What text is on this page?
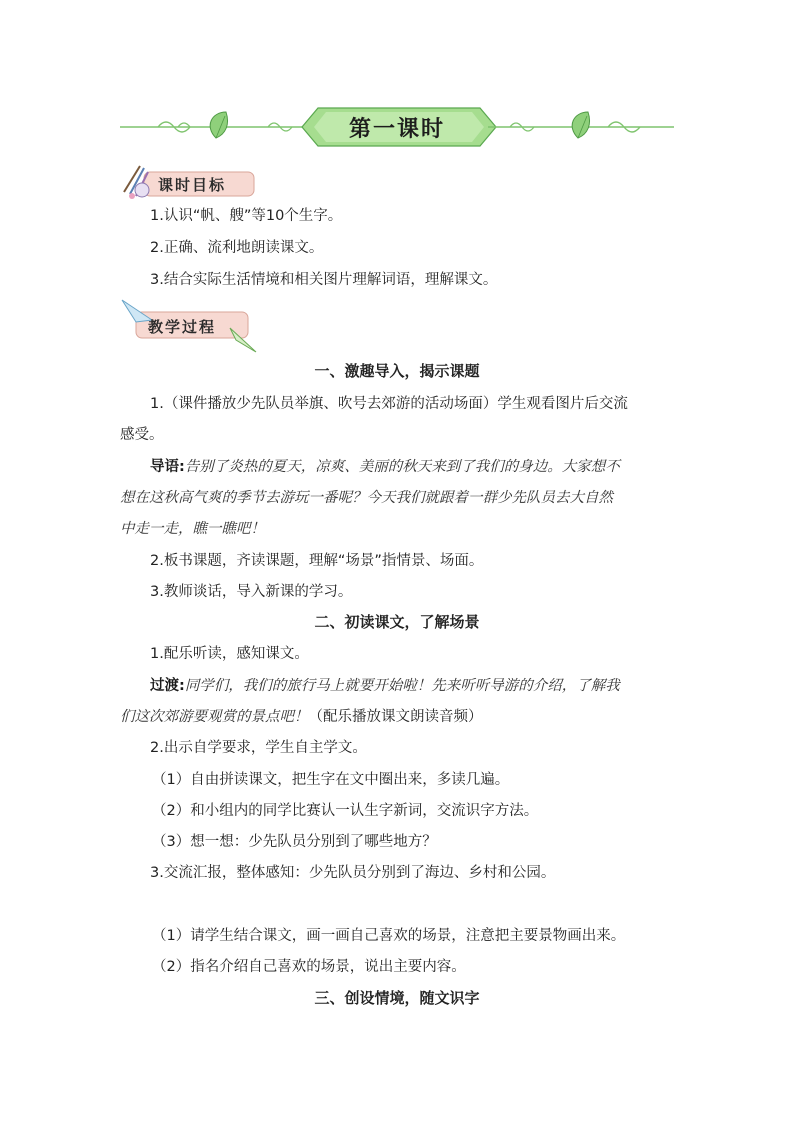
第一课时
课时目标
1.认识“帆、艘”等10个生字。
2.正确、流利地朗读课文。
3.结合实际生活情境和相关图片理解词语，理解课文。
教学过程
一、激趣导入，揭示课题
1.（课件播放少先队员举旗、吹号去郊游的活动场面）学生观看图片后交流
感受。
导语:告别了炎热的夏天，凉爽、美丽的秋天来到了我们的身边。大家想不
想在这秋高气爽的季节去游玩一番呢？今天我们就跟着一群少先队员去大自然
中走一走，瞧一瞧吧！
2.板书课题，齐读课题，理解“场景”指情景、场面。
3.教师谈话，导入新课的学习。
二、初读课文，了解场景
1.配乐听读，感知课文。
过渡:同学们，我们的旅行马上就要开始啦！先来听听导游的介绍，了解我
们这次郊游要观赏的景点吧！（配乐播放课文朗读音频）
2.出示自学要求，学生自主学文。
（1）自由拼读课文，把生字在文中圈出来，多读几遍。
（2）和小组内的同学比赛认一认生字新词，交流识字方法。
（3）想一想：少先队员分别到了哪些地方？
3.交流汇报，整体感知：少先队员分别到了海边、乡村和公园。
（1）请学生结合课文，画一画自己喜欢的场景，注意把主要景物画出来。
（2）指名介绍自己喜欢的场景，说出主要内容。
三、创设情境，随文识字
